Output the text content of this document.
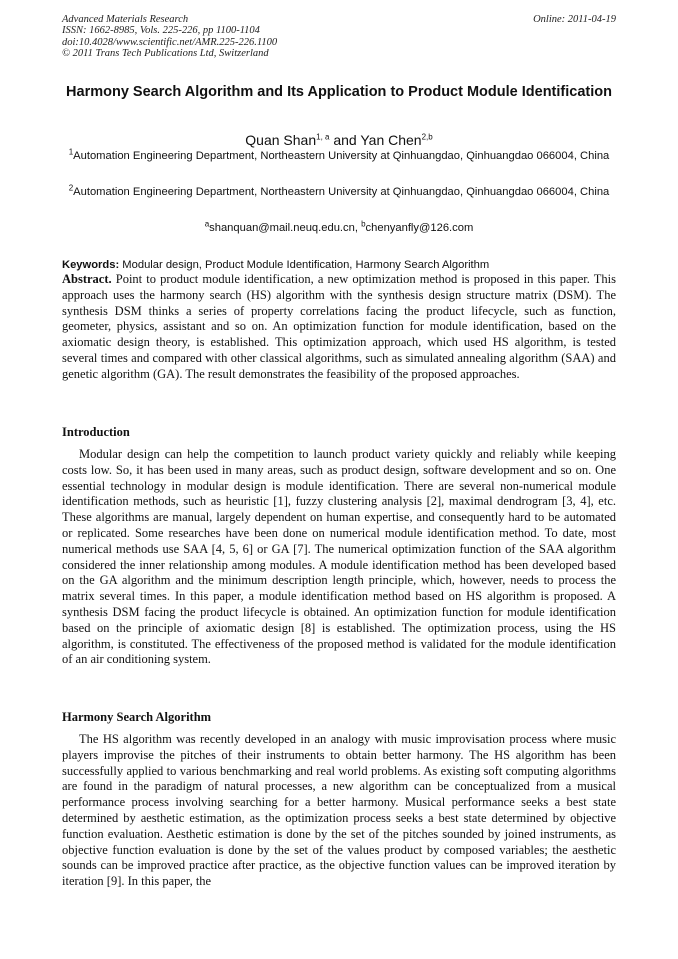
Advanced Materials Research
ISSN: 1662-8985, Vols. 225-226, pp 1100-1104
doi:10.4028/www.scientific.net/AMR.225-226.1100
© 2011 Trans Tech Publications Ltd, Switzerland
Online: 2011-04-19
Harmony Search Algorithm and Its Application to Product Module Identification
Quan Shan$^{1, a}$ and Yan Chen$^{2,b}$
$^1$Automation Engineering Department, Northeastern University at Qinhuangdao, Qinhuangdao 066004, China
$^2$Automation Engineering Department, Northeastern University at Qinhuangdao, Qinhuangdao 066004, China
$^a$shanquan@mail.neuq.edu.cn, $^b$chenyanfly@126.com
Keywords: Modular design, Product Module Identification, Harmony Search Algorithm
Abstract. Point to product module identification, a new optimization method is proposed in this paper. This approach uses the harmony search (HS) algorithm with the synthesis design structure matrix (DSM). The synthesis DSM thinks a series of property correlations facing the product lifecycle, such as function, geometer, physics, assistant and so on. An optimization function for module identification, based on the axiomatic design theory, is established. This optimization approach, which used HS algorithm, is tested several times and compared with other classical algorithms, such as simulated annealing algorithm (SAA) and genetic algorithm (GA). The result demonstrates the feasibility of the proposed approaches.
Introduction
Modular design can help the competition to launch product variety quickly and reliably while keeping costs low. So, it has been used in many areas, such as product design, software development and so on. One essential technology in modular design is module identification. There are several non-numerical module identification methods, such as heuristic [1], fuzzy clustering analysis [2], maximal dendrogram [3, 4], etc. These algorithms are manual, largely dependent on human expertise, and consequently hard to be automated or replicated. Some researches have been done on numerical module identification method. To date, most numerical methods use SAA [4, 5, 6] or GA [7]. The numerical optimization function of the SAA algorithm considered the inner relationship among modules. A module identification method has been developed based on the GA algorithm and the minimum description length principle, which, however, needs to process the matrix several times. In this paper, a module identification method based on HS algorithm is proposed. A synthesis DSM facing the product lifecycle is obtained. An optimization function for module identification based on the principle of axiomatic design [8] is established. The optimization process, using the HS algorithm, is constituted. The effectiveness of the proposed method is validated for the module identification of an air conditioning system.
Harmony Search Algorithm
The HS algorithm was recently developed in an analogy with music improvisation process where music players improvise the pitches of their instruments to obtain better harmony. The HS algorithm has been successfully applied to various benchmarking and real world problems. As existing soft computing algorithms are found in the paradigm of natural processes, a new algorithm can be conceptualized from a musical performance process involving searching for a better harmony. Musical performance seeks a best state determined by aesthetic estimation, as the optimization process seeks a best state determined by objective function evaluation. Aesthetic estimation is done by the set of the pitches sounded by joined instruments, as objective function evaluation is done by the set of the values product by composed variables; the aesthetic sounds can be improved practice after practice, as the objective function values can be improved iteration by iteration [9]. In this paper, the
